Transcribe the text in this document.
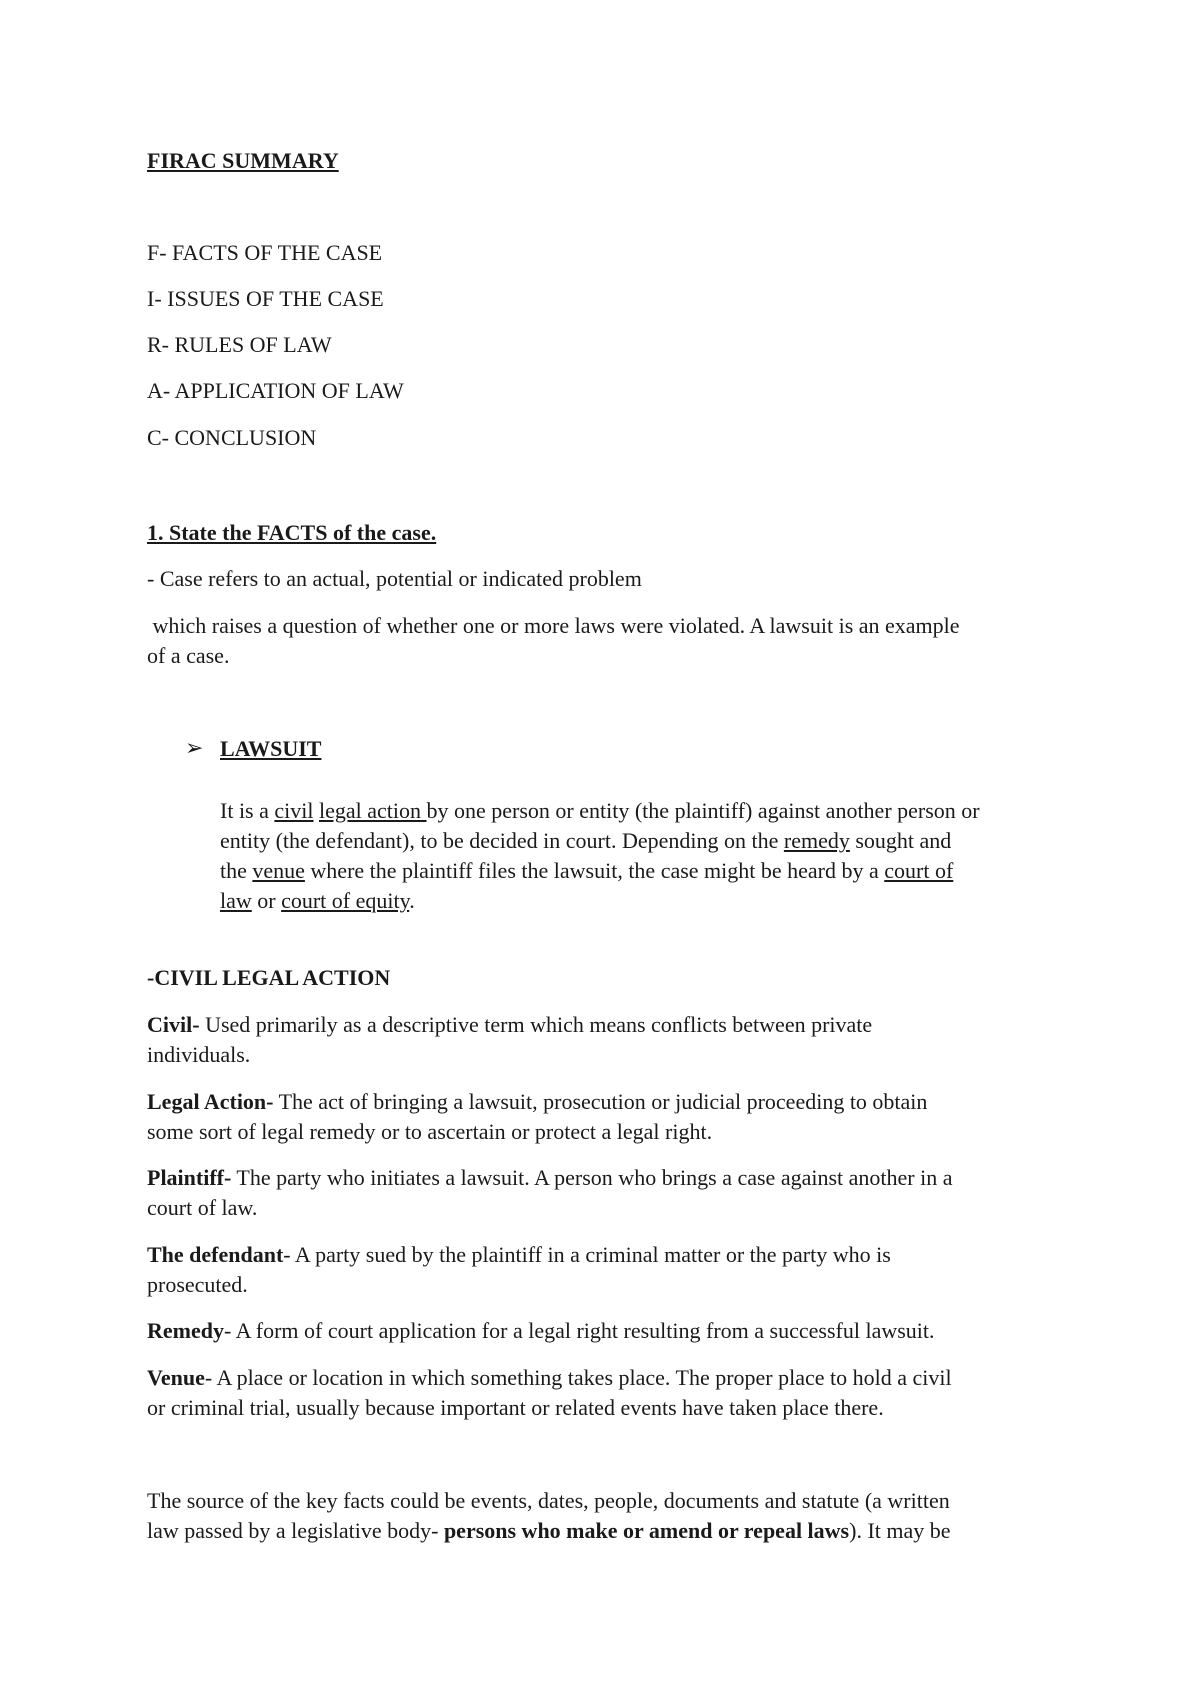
FIRAC SUMMARY
F- FACTS OF THE CASE
I- ISSUES OF THE CASE
R- RULES OF LAW
A- APPLICATION OF LAW
C- CONCLUSION
1. State the FACTS of the case.
- Case refers to an actual, potential or indicated problem
which raises a question of whether one or more laws were violated. A lawsuit is an example
of a case.
➢ LAWSUIT
It is a civil legal action by one person or entity (the plaintiff) against another person or
entity (the defendant), to be decided in court. Depending on the remedy sought and
the venue where the plaintiff files the lawsuit, the case might be heard by a court of
law or court of equity.
-CIVIL LEGAL ACTION
Civil- Used primarily as a descriptive term which means conflicts between private
individuals.
Legal Action- The act of bringing a lawsuit, prosecution or judicial proceeding to obtain
some sort of legal remedy or to ascertain or protect a legal right.
Plaintiff- The party who initiates a lawsuit. A person who brings a case against another in a
court of law.
The defendant- A party sued by the plaintiff in a criminal matter or the party who is
prosecuted.
Remedy- A form of court application for a legal right resulting from a successful lawsuit.
Venue- A place or location in which something takes place. The proper place to hold a civil
or criminal trial, usually because important or related events have taken place there.
The source of the key facts could be events, dates, people, documents and statute (a written
law passed by a legislative body- persons who make or amend or repeal laws). It may be
